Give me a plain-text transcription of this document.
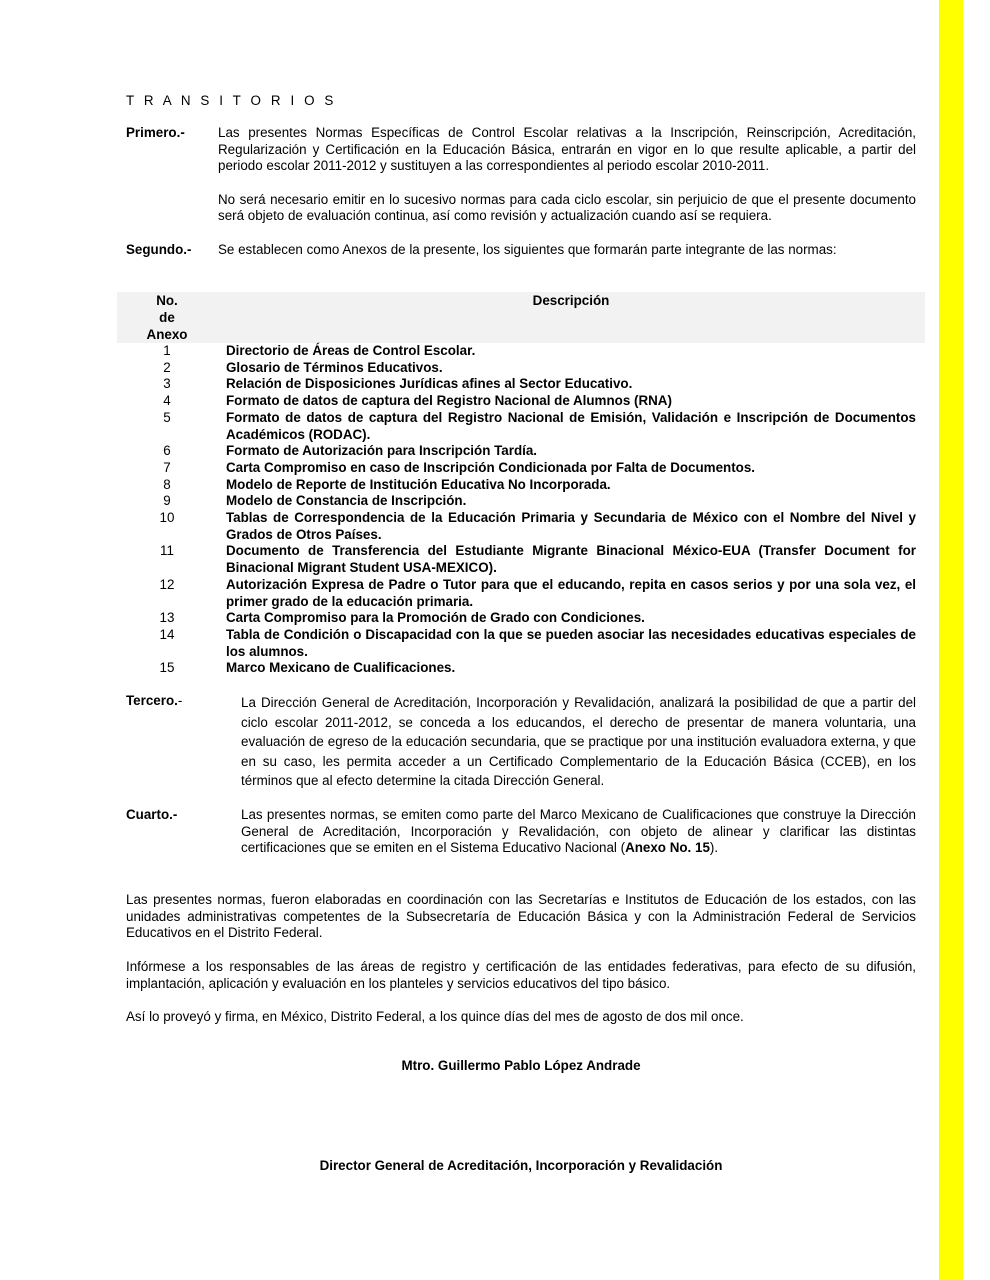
T R A N S I T O R I O S
Primero.- Las presentes Normas Específicas de Control Escolar relativas a la Inscripción, Reinscripción, Acreditación, Regularización y Certificación en la Educación Básica, entrarán en vigor en lo que resulte aplicable, a partir del periodo escolar 2011-2012 y sustituyen a las correspondientes al periodo escolar 2010-2011.

No será necesario emitir en lo sucesivo normas para cada ciclo escolar, sin perjuicio de que el presente documento será objeto de evaluación continua, así como revisión y actualización cuando así se requiera.

Segundo.- Se establecen como Anexos de la presente, los siguientes que formarán parte integrante de las normas:

No.
de
Anexo	Descripción
1	Directorio de Áreas de Control Escolar.
2	Glosario de Términos Educativos.
3	Relación de Disposiciones Jurídicas afines al Sector Educativo.
4	Formato de datos de captura del Registro Nacional de Alumnos (RNA)
5	Formato de datos de captura del Registro Nacional de Emisión, Validación e Inscripción de Documentos Académicos (RODAC).
6	Formato de Autorización para Inscripción Tardía.
7	Carta Compromiso en caso de Inscripción Condicionada por Falta de Documentos.
8	Modelo de Reporte de Institución Educativa No Incorporada.
9	Modelo de Constancia de Inscripción.
10	Tablas de Correspondencia de la Educación Primaria y Secundaria de México con el Nombre del Nivel y Grados de Otros Países.
11	Documento de Transferencia del Estudiante Migrante Binacional México-EUA (Transfer Document for Binacional Migrant Student USA-MEXICO).
12	Autorización Expresa de Padre o Tutor para que el educando, repita en casos serios y por una sola vez, el primer grado de la educación primaria.
13	Carta Compromiso para la Promoción de Grado con Condiciones.
14	Tabla de Condición o Discapacidad con la que se pueden asociar las necesidades educativas especiales de los alumnos.
15	Marco Mexicano de Cualificaciones.
Tercero.-	La Dirección General de Acreditación, Incorporación y Revalidación, analizará la posibilidad de que a partir del ciclo escolar 2011-2012, se conceda a los educandos, el derecho de presentar de manera voluntaria, una evaluación de egreso de la educación secundaria, que se practique por una institución evaluadora externa, y que en su caso, les permita acceder a un Certificado Complementario de la Educación Básica (CCEB), en los términos que al efecto determine la citada Dirección General.

Cuarto.-	Las presentes normas, se emiten como parte del Marco Mexicano de Cualificaciones que construye la Dirección General de Acreditación, Incorporación y Revalidación, con objeto de alinear y clarificar las distintas certificaciones que se emiten en el Sistema Educativo Nacional (Anexo No. 15).

Las presentes normas, fueron elaboradas en coordinación con las Secretarías e Institutos de Educación de los estados, con las unidades administrativas competentes de la Subsecretaría de Educación Básica y con la Administración Federal de Servicios Educativos en el Distrito Federal.

Infórmese a los responsables de las áreas de registro y certificación de las entidades federativas, para efecto de su difusión, implantación, aplicación y evaluación en los planteles y servicios educativos del tipo básico.

Así lo proveyó y firma, en México, Distrito Federal, a los quince días del mes de agosto de dos mil once.

Mtro. Guillermo Pablo López Andrade
Director General de Acreditación, Incorporación y Revalidación
